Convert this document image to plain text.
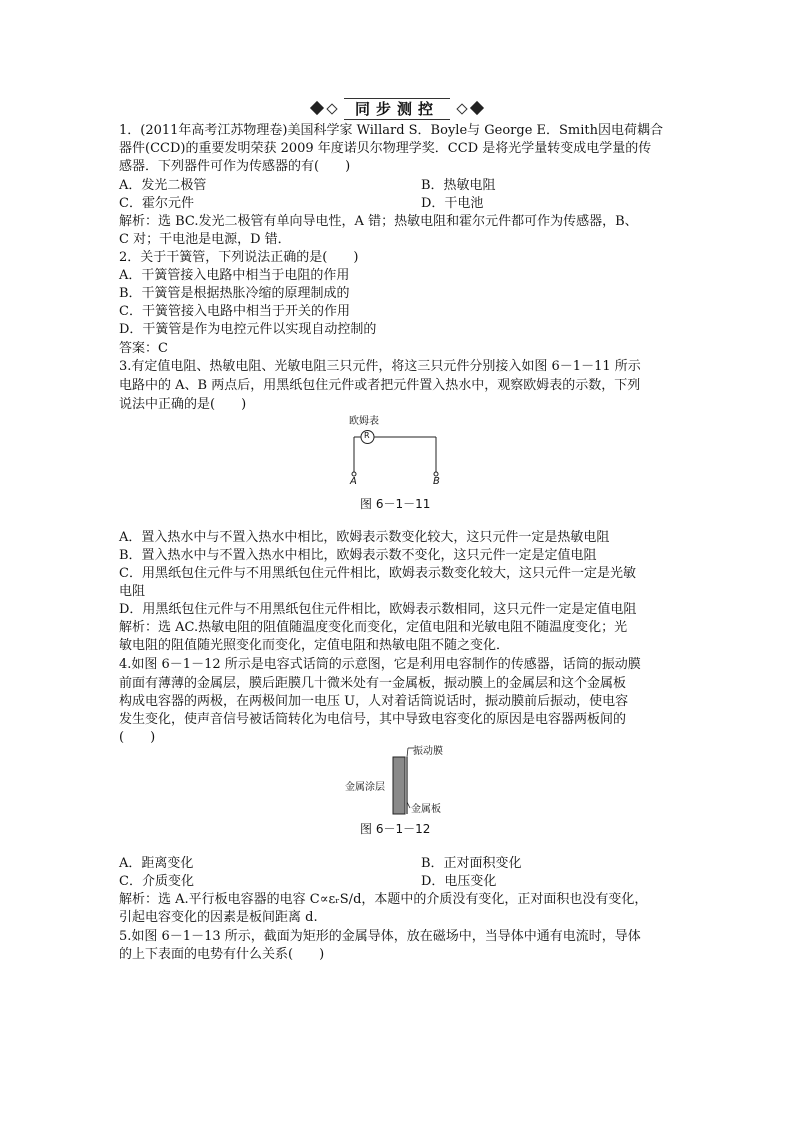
同步测控
1．(2011年高考江苏物理卷)美国科学家 Willard S．Boyle与 George E．Smith因电荷耦合
器件(CCD)的重要发明荣获 2009 年度诺贝尔物理学奖．CCD 是将光学量转变成电学量的传
感器．下列器件可作为传感器的有(　　)
A．发光二极管	B．热敏电阻
C．霍尔元件	D．干电池
解析：选 BC.发光二极管有单向导电性，A 错；热敏电阻和霍尔元件都可作为传感器，B、
C 对；干电池是电源，D 错．
2．关于干簧管，下列说法正确的是(　　)
A．干簧管接入电路中相当于电阻的作用
B．干簧管是根据热胀冷缩的原理制成的
C．干簧管接入电路中相当于开关的作用
D．干簧管是作为电控元件以实现自动控制的
答案：C
3.有定值电阻、热敏电阻、光敏电阻三只元件，将这三只元件分别接入如图 6－1－11 所示
电路中的 A、B 两点后，用黑纸包住元件或者把元件置入热水中，观察欧姆表的示数，下列
说法中正确的是(　　)
欧姆表
R
A	B
图 6－1－11
A．置入热水中与不置入热水中相比，欧姆表示数变化较大，这只元件一定是热敏电阻
B．置入热水中与不置入热水中相比，欧姆表示数不变化，这只元件一定是定值电阻
C．用黑纸包住元件与不用黑纸包住元件相比，欧姆表示数变化较大，这只元件一定是光敏
电阻
D．用黑纸包住元件与不用黑纸包住元件相比，欧姆表示数相同，这只元件一定是定值电阻
解析：选 AC.热敏电阻的阻值随温度变化而变化，定值电阻和光敏电阻不随温度变化；光
敏电阻的阻值随光照变化而变化，定值电阻和热敏电阻不随之变化．
4.如图 6－1－12 所示是电容式话筒的示意图，它是利用电容制作的传感器，话筒的振动膜
前面有薄薄的金属层，膜后距膜几十微米处有一金属板，振动膜上的金属层和这个金属板
构成电容器的两极，在两极间加一电压 U，人对着话筒说话时，振动膜前后振动，使电容
发生变化，使声音信号被话筒转化为电信号，其中导致电容变化的原因是电容器两板间的
(　　)
振动膜
金属涂层
金属板
图 6－1－12
A．距离变化	B．正对面积变化
C．介质变化	D．电压变化
解析：选 A.平行板电容器的电容 C∝εᵣS/d，本题中的介质没有变化，正对面积也没有变化，
引起电容变化的因素是板间距离 d.
5.如图 6－1－13 所示，截面为矩形的金属导体，放在磁场中，当导体中通有电流时，导体
的上下表面的电势有什么关系(　　)
